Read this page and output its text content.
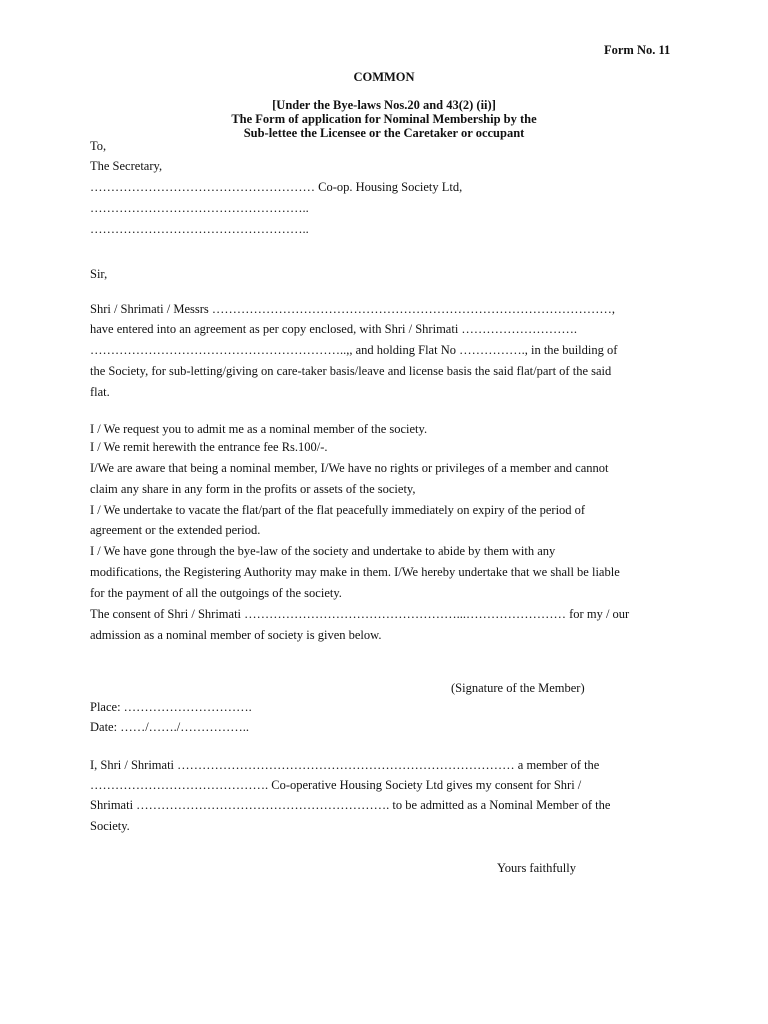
Form No. 11
COMMON
[Under the Bye-laws Nos.20 and 43(2) (ii)]
The Form of application for Nominal Membership by the
Sub-lettee the Licensee or the Caretaker or occupant
To,
The Secretary,
……………………………………………… Co-op. Housing Society Ltd,
……………………………………………..
……………………………………………..
Sir,
Shri / Shrimati / Messrs ……………………………………………………………………………………,
have entered into an agreement as per copy enclosed, with Shri / Shrimati ……………………….
……………………………………………………..,, and holding Flat No ……………., in the building of
the Society, for sub-letting/giving on care-taker basis/leave and license basis the said flat/part of the said
flat.
I / We request you to admit me as a nominal member of the society.
I / We remit herewith the entrance fee Rs.100/-.
I/We are aware that being a nominal member, I/We have no rights or privileges of a member and cannot
claim any share in any form in the profits or assets of the society,
I / We undertake to vacate the flat/part of the flat peacefully immediately on expiry of the period of
agreement or the extended period.
I / We have gone through the bye-law of the society and undertake to abide by them with any
modifications, the Registering Authority may make in them. I/We hereby undertake that we shall be liable
for the payment of all the outgoings of the society.
The consent of Shri / Shrimati ……………………………………………...…………………… for my / our
admission as a nominal member of society is given below.
(Signature of the Member)
Place: ………………………….
Date: ……/……./……………..
I, Shri / Shrimati ……………………………………………………………………… a member of the
……………………………………. Co-operative Housing Society Ltd gives my consent for Shri /
Shrimati ……………………………………………………. to be admitted as a Nominal Member of the
Society.
Yours faithfully
